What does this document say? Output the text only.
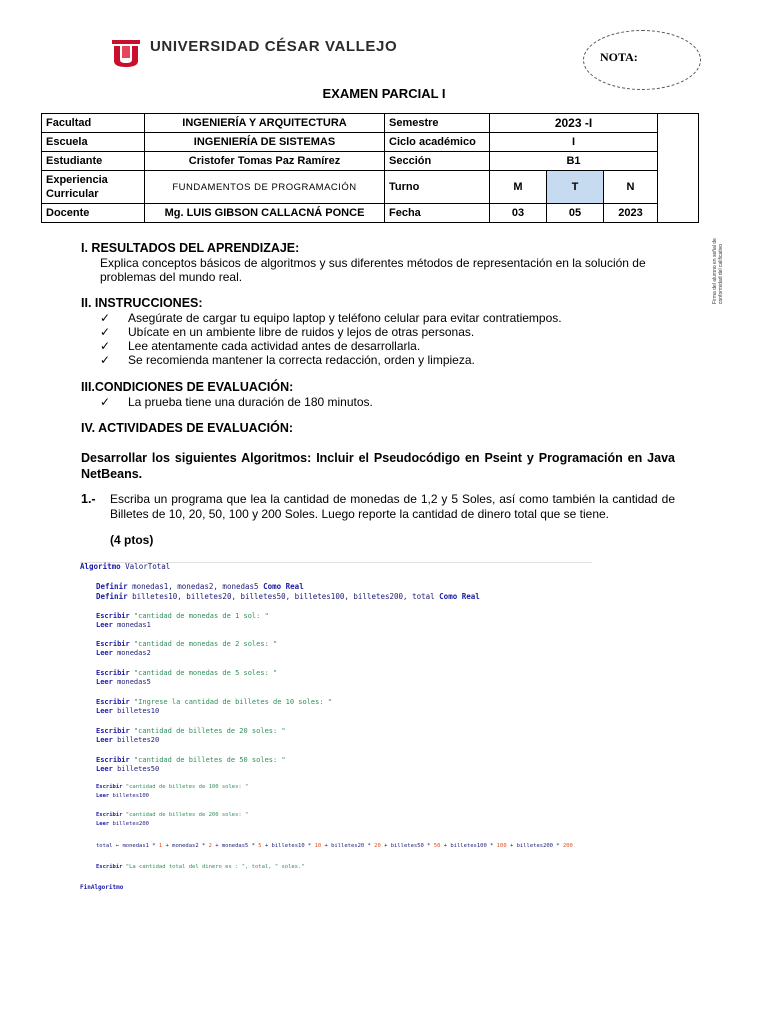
UNIVERSIDAD CÉSAR VALLEJO
NOTA:
EXAMEN PARCIAL I
Facultad	INGENIERÍA Y ARQUITECTURA	Semestre	2023 -I			
Escuela	INGENIERÍA DE SISTEMAS	Ciclo académico	I			
Estudiante	Cristofer Tomas Paz Ramírez	Sección	B1			
Experiencia
Curricular	FUNDAMENTOS DE PROGRAMACIÓN	Turno	M	T	N	
Docente	Mg. LUIS GIBSON CALLACNÁ PONCE	Fecha	03	05	2023	
Firma del alumno en señal de conformidad del calificativo
I. RESULTADOS DEL APRENDIZAJE:
Explica conceptos básicos de algoritmos y sus diferentes métodos de representación en la solución de problemas del mundo real.
II. INSTRUCCIONES:
✓ Asegúrate de cargar tu equipo laptop y teléfono celular para evitar contratiempos.
✓ Ubícate en un ambiente libre de ruidos y lejos de otras personas.
✓ Lee atentamente cada actividad antes de desarrollarla.
✓ Se recomienda mantener la correcta redacción, orden y limpieza.
III.CONDICIONES DE EVALUACIÓN:
✓ La prueba tiene una duración de 180 minutos.
IV. ACTIVIDADES DE EVALUACIÓN:
Desarrollar los siguientes Algoritmos: Incluir el Pseudocódigo en Pseint y Programación en Java NetBeans.
1.- Escriba un programa que lea la cantidad de monedas de 1,2 y 5 Soles, así como también la cantidad de Billetes de 10, 20, 50, 100 y 200 Soles. Luego reporte la cantidad de dinero total que se tiene.
(4 ptos)
Algoritmo ValorTotal
Definir monedas1, monedas2, monedas5 Como Real
Definir billetes10, billetes20, billetes50, billetes100, billetes200, total Como Real
Escribir "cantidad de monedas de 1 sol: "
Leer monedas1
Escribir "cantidad de monedas de 2 soles: "
Leer monedas2
Escribir "cantidad de monedas de 5 soles: "
Leer monedas5
Escribir "Ingrese la cantidad de billetes de 10 soles: "
Leer billetes10
Escribir "cantidad de billetes de 20 soles: "
Leer billetes20
Escribir "cantidad de billetes de 50 soles: "
Leer billetes50
Escribir "cantidad de billetes de 100 soles: "
Leer billetes100
Escribir "cantidad de billetes de 200 soles: "
Leer billetes200
total ← monedas1 * 1 + monedas2 * 2 + monedas5 * 5 + billetes10 * 10 + billetes20 * 20 + billetes50 * 50 + billetes100 * 100 + billetes200 * 200
Escribir "La cantidad total del dinero es : ", total, " soles."
FinAlgoritmo
